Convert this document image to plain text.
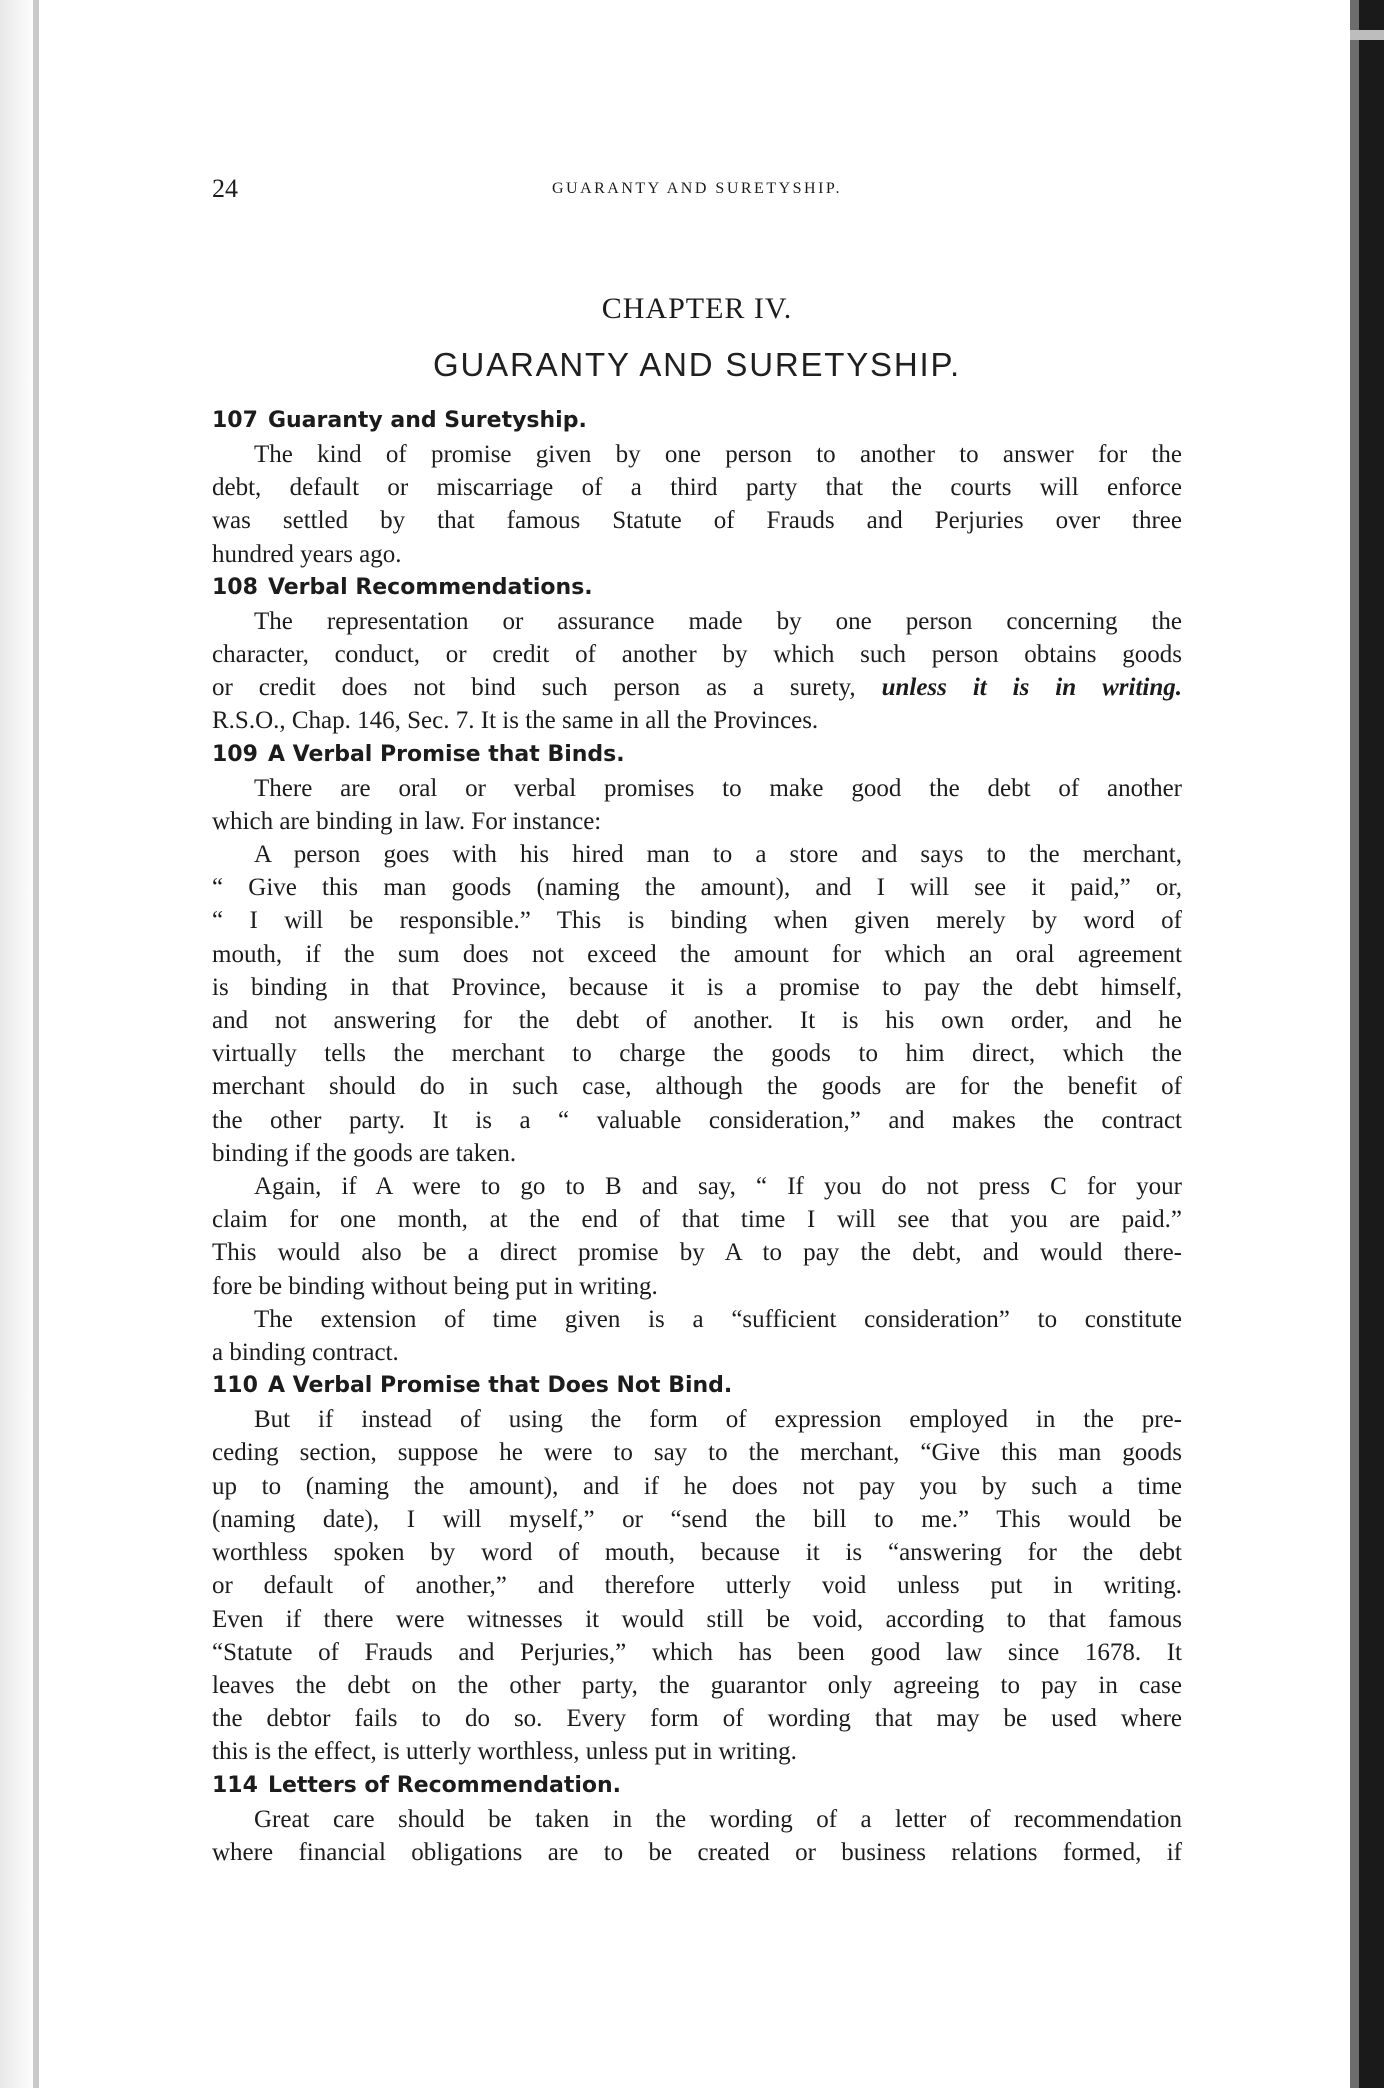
24	GUARANTY AND SURETYSHIP.
CHAPTER IV.
GUARANTY AND SURETYSHIP.
107 Guaranty and Suretyship.
The kind of promise given by one person to another to answer for the
debt, default or miscarriage of a third party that the courts will enforce
was settled by that famous Statute of Frauds and Perjuries over three
hundred years ago.
108 Verbal Recommendations.
The representation or assurance made by one person concerning the
character, conduct, or credit of another by which such person obtains goods
or credit does not bind such person as a surety, unless it is in writing.
R.S.O., Chap. 146, Sec. 7. It is the same in all the Provinces.
109 A Verbal Promise that Binds.
There are oral or verbal promises to make good the debt of another
which are binding in law. For instance:
A person goes with his hired man to a store and says to the merchant,
“ Give this man goods (naming the amount), and I will see it paid,” or,
“ I will be responsible.” This is binding when given merely by word of
mouth, if the sum does not exceed the amount for which an oral agreement
is binding in that Province, because it is a promise to pay the debt himself,
and not answering for the debt of another. It is his own order, and he
virtually tells the merchant to charge the goods to him direct, which the
merchant should do in such case, although the goods are for the benefit of
the other party. It is a “ valuable consideration,” and makes the contract
binding if the goods are taken.
Again, if A were to go to B and say, “ If you do not press C for your
claim for one month, at the end of that time I will see that you are paid.”
This would also be a direct promise by A to pay the debt, and would there-
fore be binding without being put in writing.
The extension of time given is a “sufficient consideration” to constitute
a binding contract.
110 A Verbal Promise that Does Not Bind.
But if instead of using the form of expression employed in the pre-
ceding section, suppose he were to say to the merchant, “Give this man goods
up to (naming the amount), and if he does not pay you by such a time
(naming date), I will myself,” or “send the bill to me.” This would be
worthless spoken by word of mouth, because it is “answering for the debt
or default of another,” and therefore utterly void unless put in writing.
Even if there were witnesses it would still be void, according to that famous
“Statute of Frauds and Perjuries,” which has been good law since 1678. It
leaves the debt on the other party, the guarantor only agreeing to pay in case
the debtor fails to do so. Every form of wording that may be used where
this is the effect, is utterly worthless, unless put in writing.
114 Letters of Recommendation.
Great care should be taken in the wording of a letter of recommendation
where financial obligations are to be created or business relations formed, if
